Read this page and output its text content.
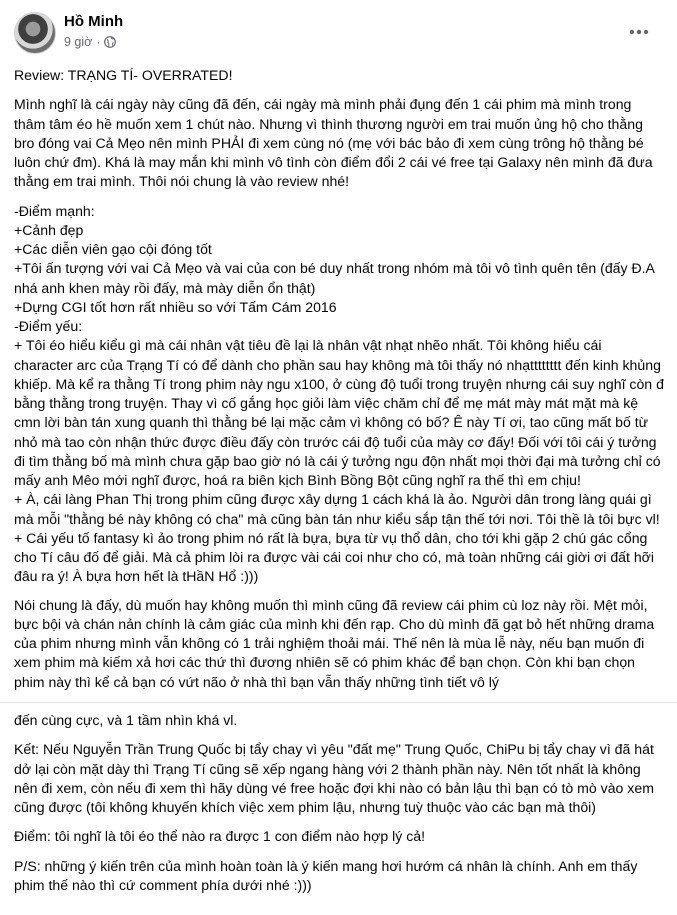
Hồ Minh
9 giờ ·

Review: TRẠNG TÍ- OVERRATED!

Mình nghĩ là cái ngày này cũng đã đến, cái ngày mà mình phải đụng đến 1 cái phim mà mình trong thâm tâm éo hề muốn xem 1 chút nào. Nhưng vì thình thương người em trai muốn ủng hộ cho thằng bro đóng vai Cả Mẹo nên mình PHẢI đi xem cùng nó (mẹ với bác bảo đi xem cùng trông hộ thằng bé luôn chứ đm). Khá là may mắn khi mình vô tình còn điểm đổi 2 cái vé free tại Galaxy nên mình đã đưa thằng em trai mình. Thôi nói chung là vào review nhé!

-Điểm mạnh:

+Cảnh đẹp

+Các diễn viên gạo cội đóng tốt

+Tôi ấn tượng với vai Cả Mẹo và vai của con bé duy nhất trong nhóm mà tôi vô tình quên tên (đấy Đ.A nhá anh khen mày rồi đấy, mà mày diễn ổn thật)

+Dựng CGI tốt hơn rất nhiều so với Tấm Cám 2016

-Điểm yếu:

+ Tôi éo hiểu kiểu gì mà cái nhân vật tiêu đề lại là nhân vật nhạt nhẽo nhất. Tôi không hiểu cái character arc của Trạng Tí có để dành cho phần sau hay không mà tôi thấy nó nhạtttttttt đến kinh khủng khiếp. Mà kể ra thằng Tí trong phim này ngu x100, ở cùng độ tuổi trong truyện nhưng cái suy nghĩ còn đ bằng thằng trong truyện. Thay vì cố gắng học giỏi làm việc chăm chỉ để mẹ mát mày mát mặt mà kệ cmn lời bàn tán xung quanh thì thằng bé lại mặc cảm vì không có bố? Ê này Tí ơi, tao cũng mất bố từ nhỏ mà tao còn nhận thức được điều đấy còn trước cái độ tuổi của mày cơ đấy! Đối với tôi cái ý tưởng đi tìm thằng bố mà mình chưa gặp bao giờ nó là cái ý tưởng ngu độn nhất mọi thời đại mà tưởng chỉ có mấy anh Mêo mới nghĩ được, hoá ra biên kịch Bình Bồng Bột cũng nghĩ ra thế thì em chịu!

+ À, cái làng Phan Thị trong phim cũng được xây dựng 1 cách khá là ảo. Người dân trong làng quái gì mà mỗi "thằng bé này không có cha" mà cũng bàn tán như kiểu sắp tận thế tới nơi. Tôi thề là tôi bực vl!

+ Cái yếu tố fantasy kì ảo trong phim nó rất là bựa, bựa từ vụ thổ dân, cho tới khi gặp 2 chú gác cổng cho Tí câu đố để giải. Mà cả phim lòi ra được vài cái coi như cho có, mà toàn những cái giời ơi đất hỡi đâu ra ý! À bựa hơn hết là tHầN Hổ :)))

Nói chung là đấy, dù muốn hay không muốn thì mình cũng đã review cái phim cù loz này rồi. Mệt mỏi, bực bội và chán nản chính là cảm giác của mình khi đến rạp. Cho dù mình đã gạt bỏ hết những drama của phim nhưng mình vẫn không có 1 trải nghiệm thoải mái. Thế nên là mùa lễ này, nếu bạn muốn đi xem phim mà kiếm xả hơi các thứ thì đương nhiên sẽ có phim khác để bạn chọn. Còn khi bạn chọn phim này thì kể cả bạn có vứt não ở nhà thì bạn vẫn thấy những tình tiết vô lý

đến cùng cực, và 1 tầm nhìn khá vl.

Kết: Nếu Nguyễn Trần Trung Quốc bị tẩy chay vì yêu "đất mẹ" Trung Quốc, ChiPu bị tẩy chay vì đã hát dở lại còn mặt dày thì Trạng Tí cũng sẽ xếp ngang hàng với 2 thành phần này. Nên tốt nhất là không nên đi xem, còn nếu đi xem thì hãy dùng vé free hoặc đợi khi nào có bản lậu thì bạn có tò mò vào xem cũng được (tôi không khuyến khích việc xem phim lậu, nhưng tuỳ thuộc vào các bạn mà thôi)

Điểm: tôi nghĩ là tôi éo thể nào ra được 1 con điểm nào hợp lý cả!

P/S: những ý kiến trên của mình hoàn toàn là ý kiến mang hơi hướm cá nhân là chính. Anh em thấy phim thế nào thì cứ comment phía dưới nhé :)))
